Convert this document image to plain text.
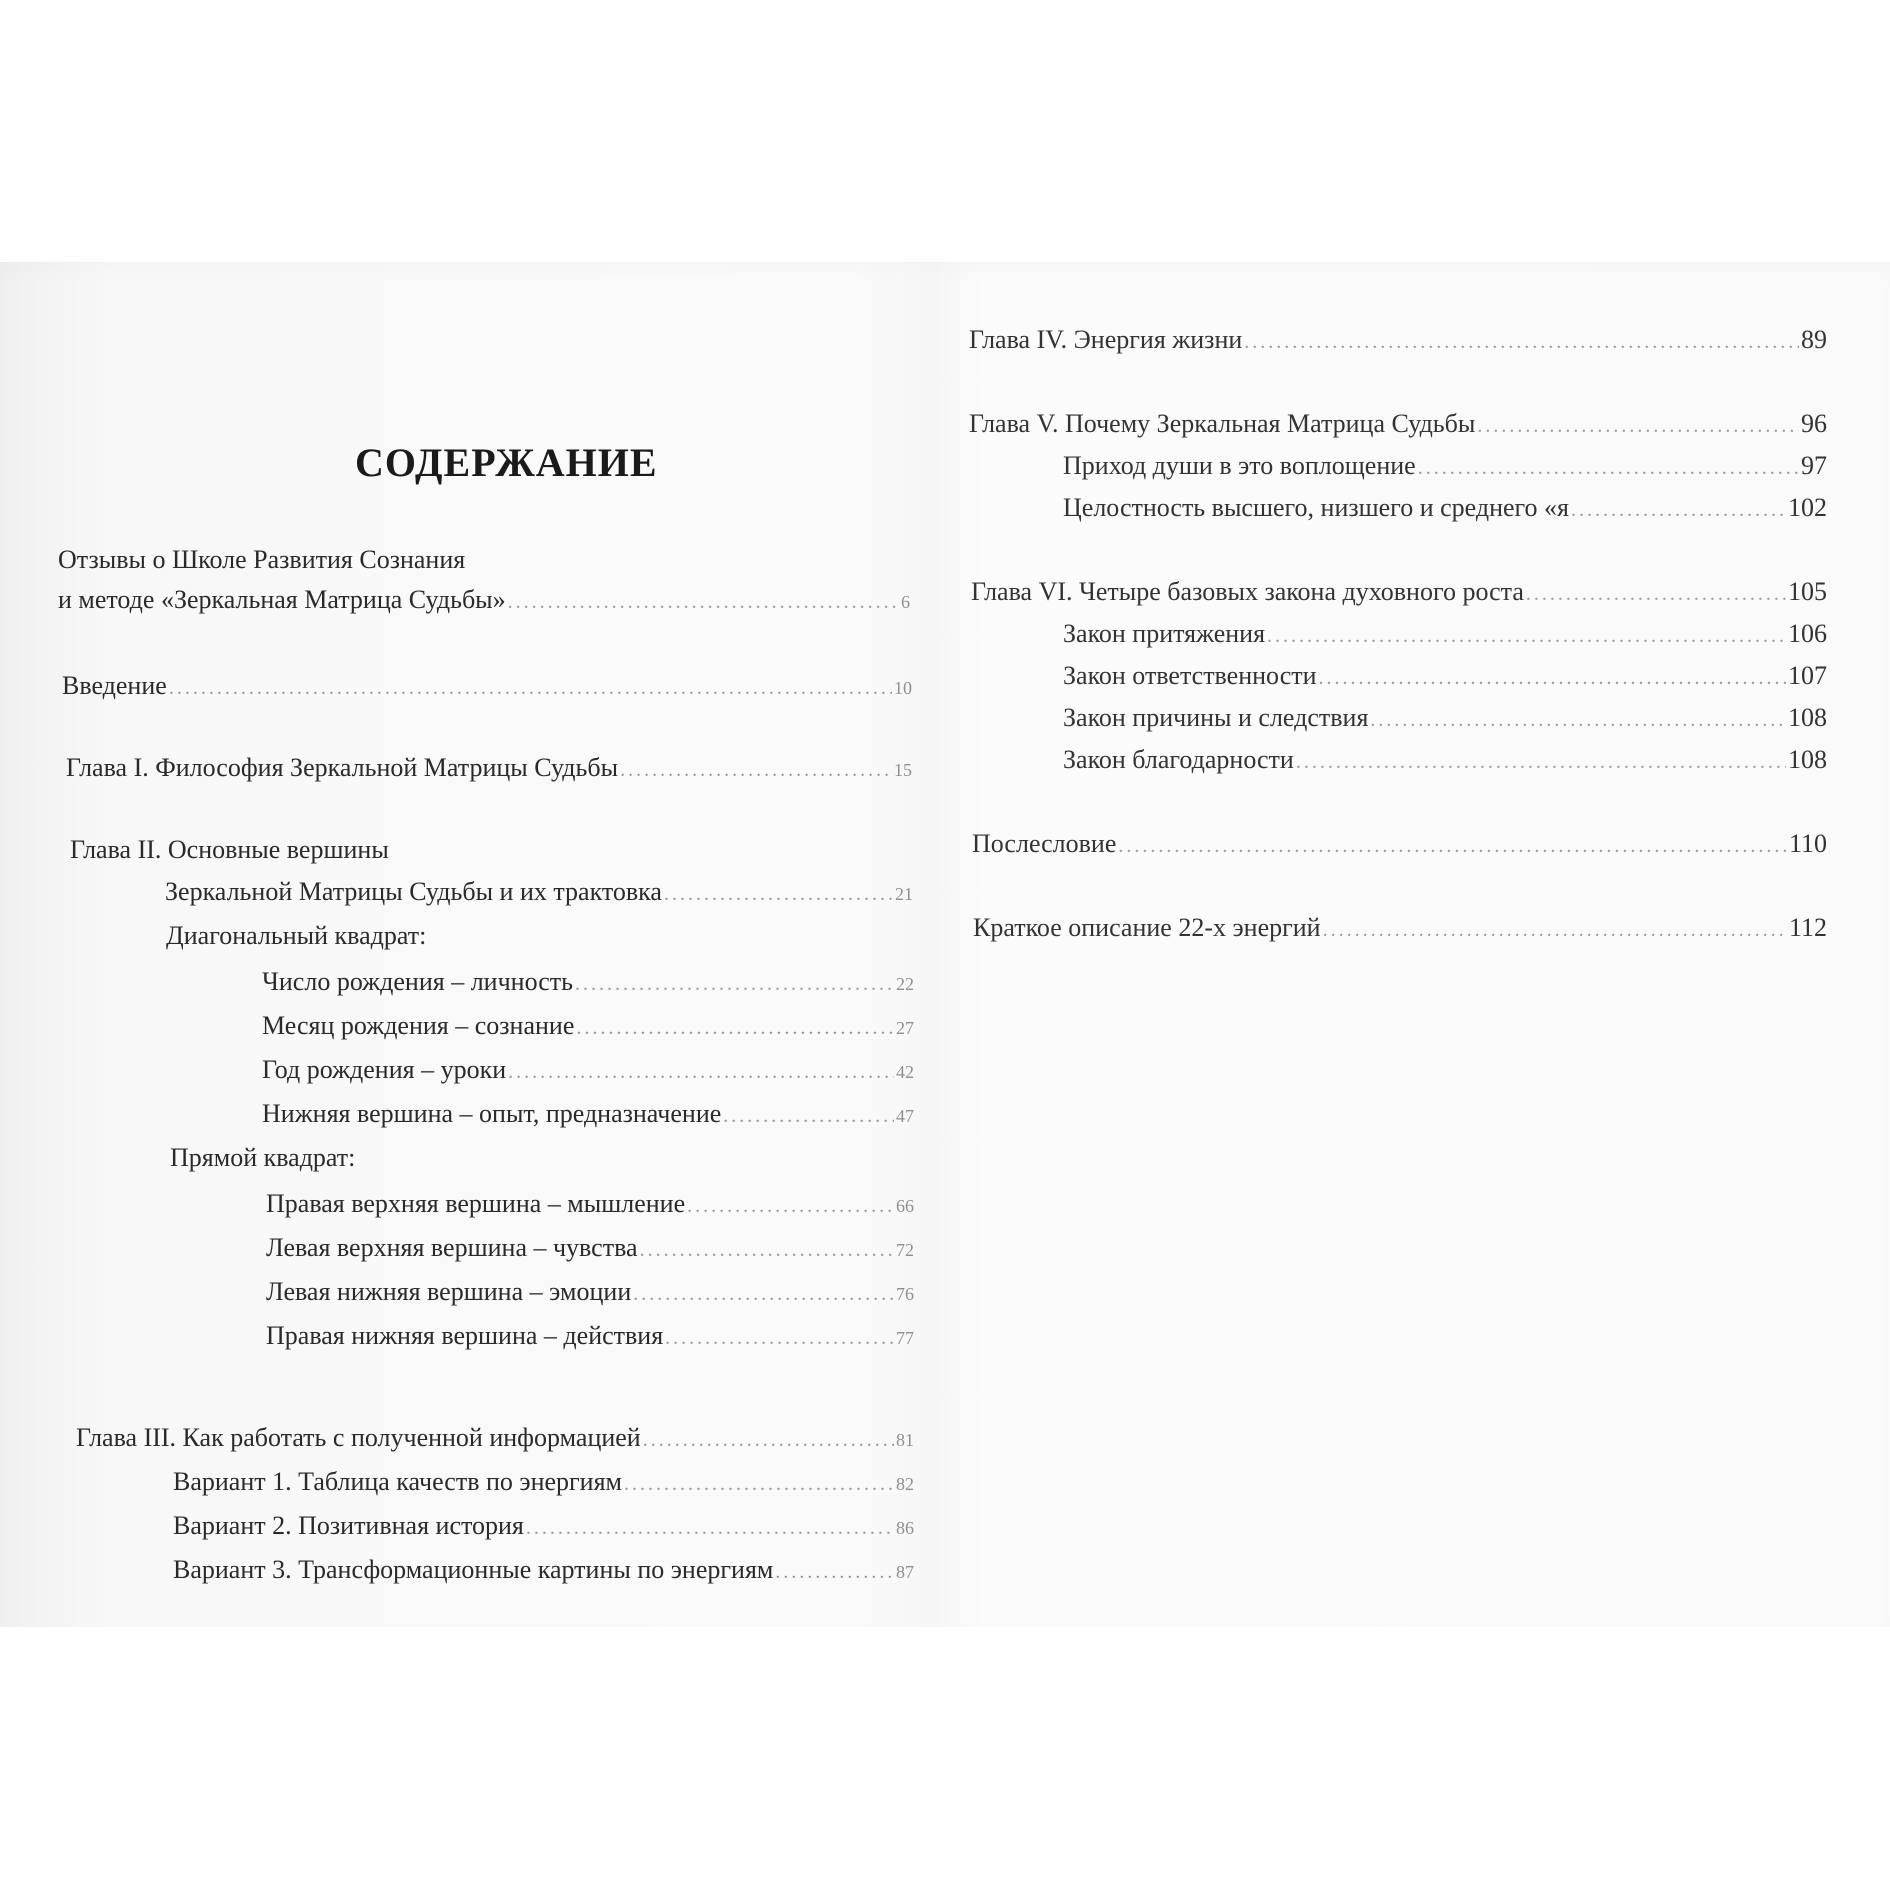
СОДЕРЖАНИЕ
Отзывы о Школе Развития Сознания
и методе «Зеркальная Матрица Судьбы» .....	6
Введение .....	10
Глава I. Философия Зеркальной Матрицы Судьбы .....	15
Глава II. Основные вершины
Зеркальной Матрицы Судьбы и их трактовка .....	21
Диагональный квадрат:
Число рождения – личность .....	22
Месяц рождения – сознание .....	27
Год рождения – уроки .....	42
Нижняя вершина – опыт, предназначение .....	47
Прямой квадрат:
Правая верхняя вершина – мышление .....	66
Левая верхняя вершина – чувства .....	72
Левая нижняя вершина – эмоции .....	76
Правая нижняя вершина – действия .....	77
Глава III. Как работать с полученной информацией .....	81
Вариант 1. Таблица качеств по энергиям .....	82
Вариант 2. Позитивная история .....	86
Вариант 3. Трансформационные картины по энергиям .....	87
Глава IV. Энергия жизни .....	89
Глава V. Почему Зеркальная Матрица Судьбы .....	96
Приход души в это воплощение .....	97
Целостность высшего, низшего и среднего «я .....	102
Глава VI. Четыре базовых закона духовного роста .....	105
Закон притяжения .....	106
Закон ответственности .....	107
Закон причины и следствия .....	108
Закон благодарности .....	108
Послесловие .....	110
Краткое описание 22-х энергий .....	112
